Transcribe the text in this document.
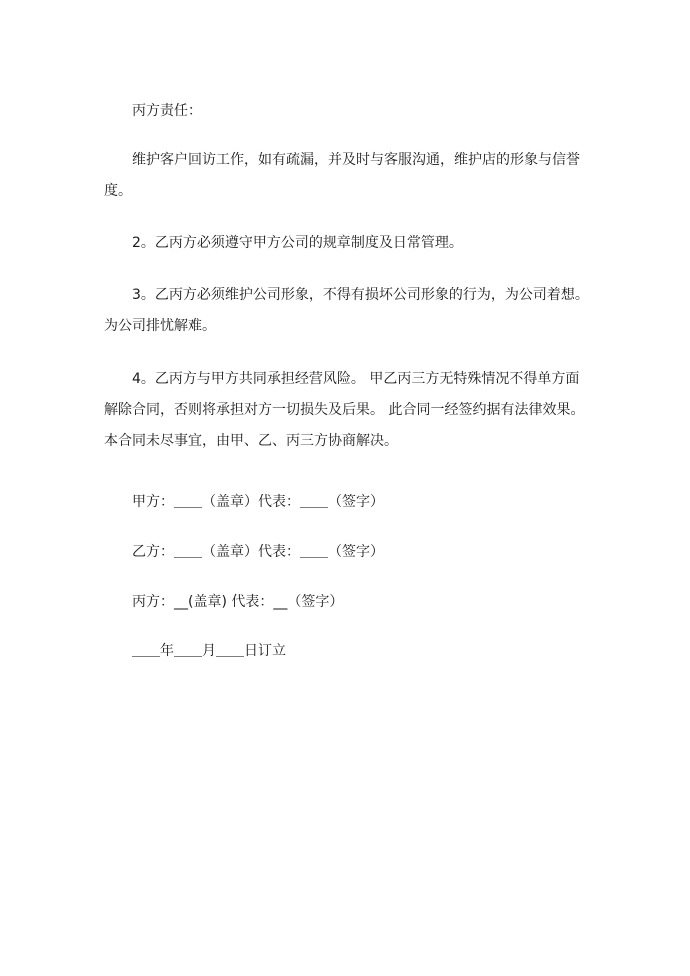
丙方责任：

维护客户回访工作，如有疏漏，并及时与客服沟通，维护店的形象与信誉度。

2。乙丙方必须遵守甲方公司的规章制度及日常管理。

3。乙丙方必须维护公司形象，不得有损坏公司形象的行为，为公司着想。为公司排忧解难。

4。乙丙方与甲方共同承担经营风险。 甲乙丙三方无特殊情况不得单方面解除合同，否则将承担对方一切损失及后果。 此合同一经签约据有法律效果。本合同未尽事宜，由甲、乙、丙三方协商解决。

甲方：＿＿（盖章）代表：＿＿（签字）

乙方：＿＿（盖章）代表：＿＿（签字）

丙方：__(盖章) 代表：__（签字）

＿＿年＿＿月＿＿日订立
